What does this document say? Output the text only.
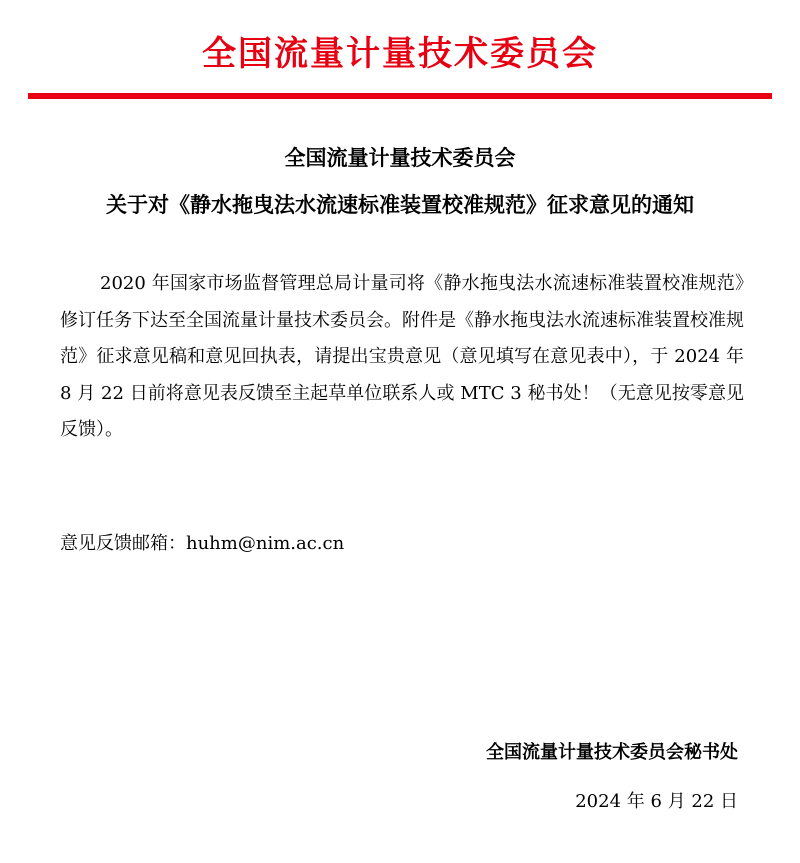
全国流量计量技术委员会
全国流量计量技术委员会
关于对《静水拖曳法水流速标准装置校准规范》征求意见的通知

2020 年国家市场监督管理总局计量司将《静水拖曳法水流速标准装置校准规范》修订任务下达至全国流量计量技术委员会。附件是《静水拖曳法水流速标准装置校准规范》征求意见稿和意见回执表，请提出宝贵意见（意见填写在意见表中），于 2024 年 8 月 22 日前将意见表反馈至主起草单位联系人或 MTC 3 秘书处！（无意见按零意见反馈）。

意见反馈邮箱：huhm@nim.ac.cn
全国流量计量技术委员会秘书处
2024 年 6 月 22 日
